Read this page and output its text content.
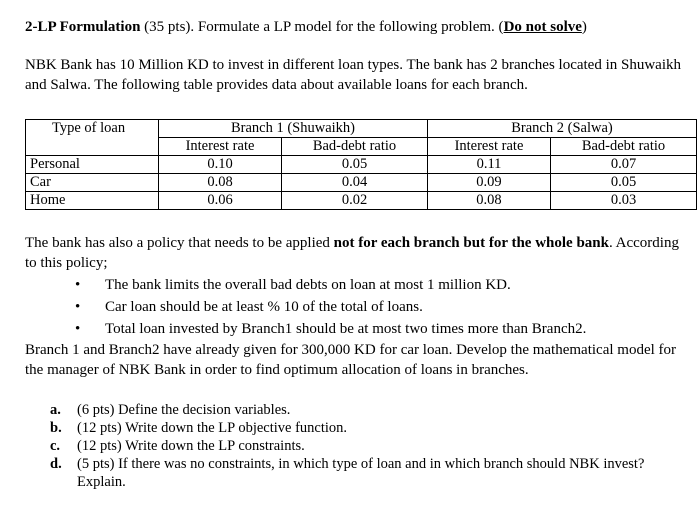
2-LP Formulation (35 pts). Formulate a LP model for the following problem. (Do not solve)
NBK Bank has 10 Million KD to invest in different loan types. The bank has 2 branches located in Shuwaikh and Salwa. The following table provides data about available loans for each branch.
Type of loan	Branch 1 (Shuwaikh)		Branch 2 (Salwa)	
	Interest rate	Bad-debt ratio	Interest rate	Bad-debt ratio
Personal	0.10	0.05	0.11	0.07
Car	0.08	0.04	0.09	0.05
Home	0.06	0.02	0.08	0.03
The bank has also a policy that needs to be applied not for each branch but for the whole bank. According to this policy;
• The bank limits the overall bad debts on loan at most 1 million KD.
• Car loan should be at least % 10 of the total of loans.
• Total loan invested by Branch1 should be at most two times more than Branch2.
Branch 1 and Branch2 have already given for 300,000 KD for car loan. Develop the mathematical model for the manager of NBK Bank in order to find optimum allocation of loans in branches.
a. (6 pts) Define the decision variables.
b. (12 pts) Write down the LP objective function.
c. (12 pts) Write down the LP constraints.
d. (5 pts) If there was no constraints, in which type of loan and in which branch should NBK invest? Explain.
